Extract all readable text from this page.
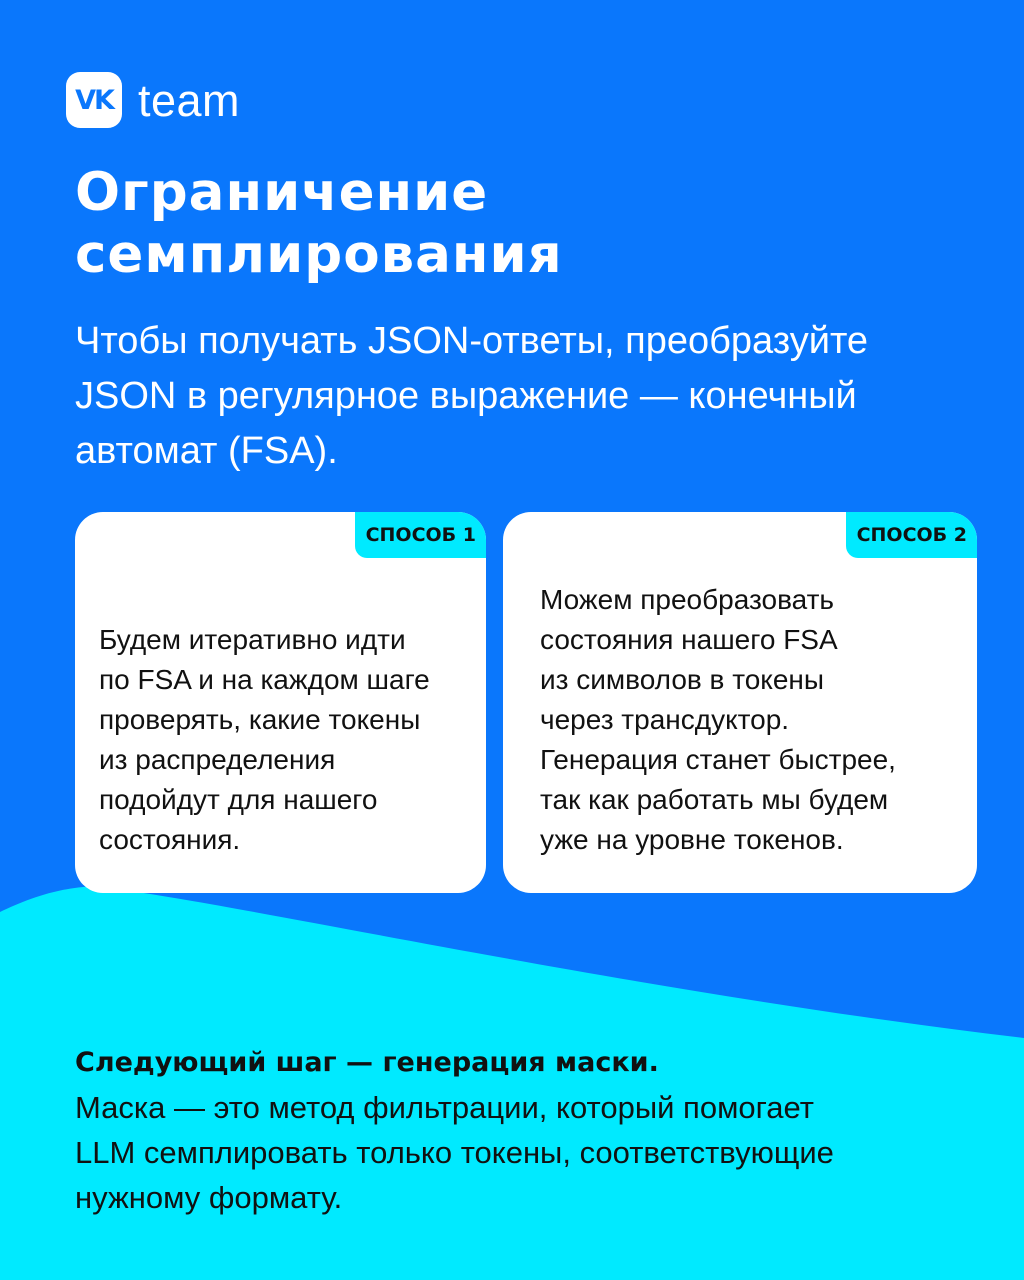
VK team
Ограничение семплирования

Чтобы получать JSON-ответы, преобразуйте JSON в регулярное выражение — конечный автомат (FSA).

СПОСОБ 1

Будем итеративно идти
по FSA и на каждом шаге
проверять, какие токены
из распределения
подойдут для нашего
состояния.

СПОСОБ 2

Можем преобразовать
состояния нашего FSA
из символов в токены
через трансдуктор.
Генерация станет быстрее,
так как работать мы будем
уже на уровне токенов.

Следующий шаг — генерация маски.

Маска — это метод фильтрации, который помогает
LLM семплировать только токены, соответствующие
нужному формату.
